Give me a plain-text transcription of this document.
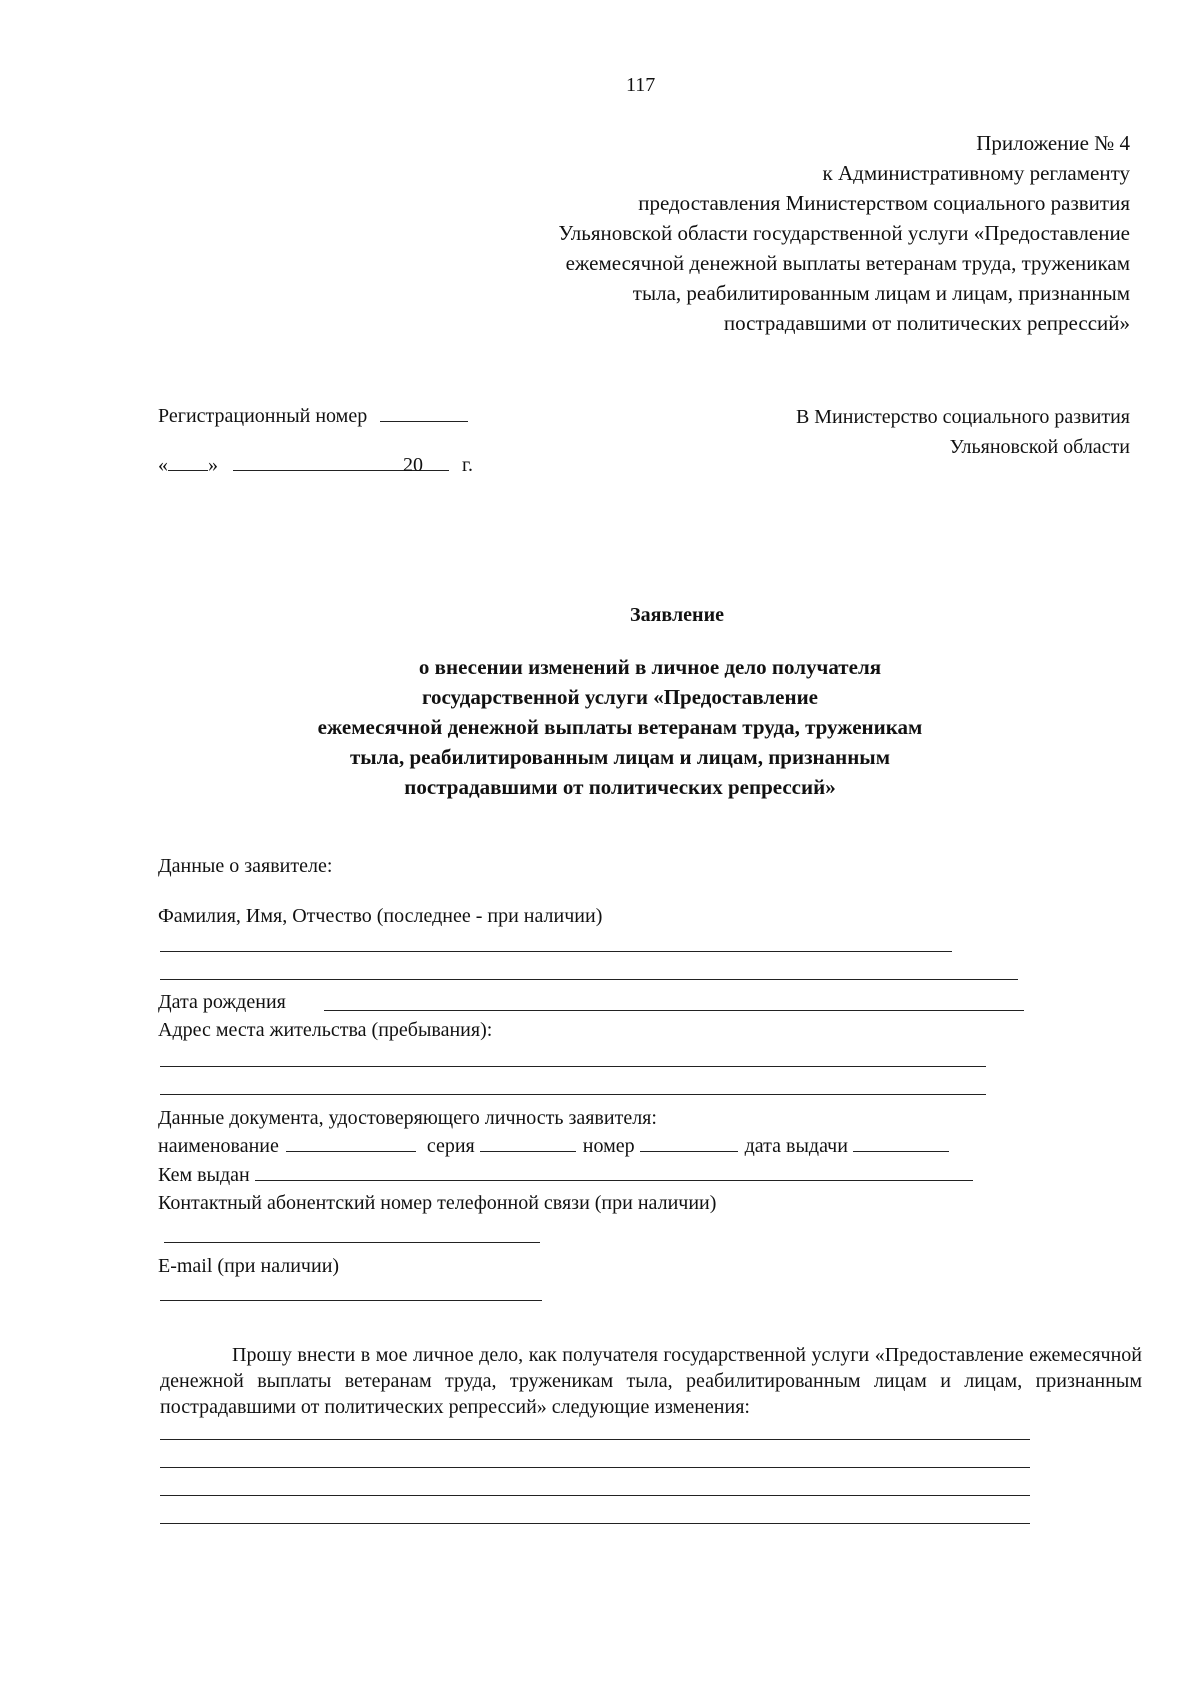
117
Приложение № 4
к Административному регламенту
предоставления Министерством социального развития
Ульяновской области государственной услуги «Предоставление
ежемесячной денежной выплаты ветеранам труда, труженикам
тыла, реабилитированным лицам и лицам, признанным
пострадавшими от политических репрессий»
Регистрационный номер
« »	20 г.
В Министерство социального развития
Ульяновской области
Заявление
о внесении изменений в личное дело получателя
государственной услуги «Предоставление
ежемесячной денежной выплаты ветеранам труда, труженикам
тыла, реабилитированным лицам и лицам, признанным
пострадавшими от политических репрессий»
Данные о заявителе:
Фамилия, Имя, Отчество (последнее - при наличии)
Дата рождения
Адрес места жительства (пребывания):
Данные документа, удостоверяющего личность заявителя:
наименование	серия	номер	дата выдачи
Кем выдан
Контактный абонентский номер телефонной связи (при наличии)
E-mail (при наличии)
Прошу внести в мое личное дело, как получателя государственной услуги «Предоставление ежемесячной денежной выплаты ветеранам труда, труженикам тыла, реабилитированным лицам и лицам, признанным пострадавшими от политических репрессий» следующие изменения:
